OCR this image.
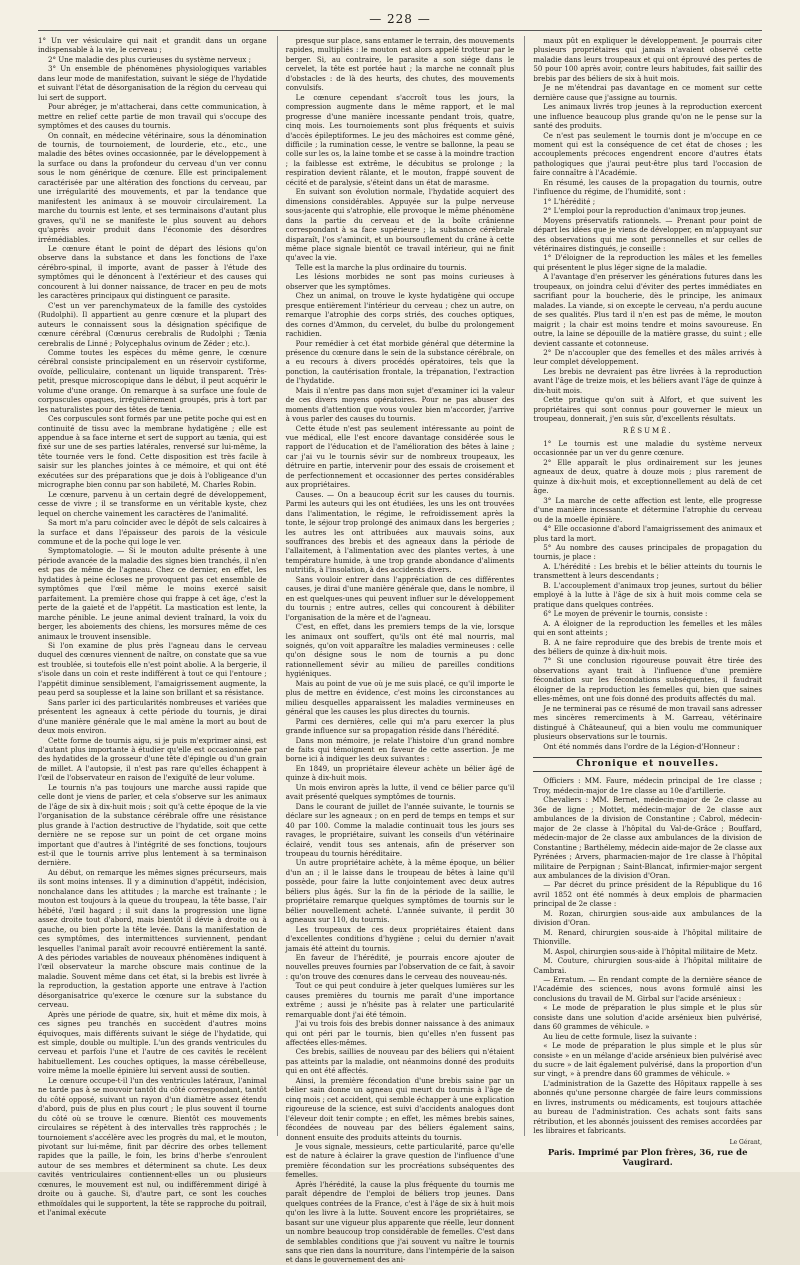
— 228 —

1° Un ver vésiculaire qui nait et grandit dans un organe indispensable à la vie, le cerveau ;

2° Une maladie des plus curieuses du système nerveux ;

3° Un ensemble de phénomènes physiologiques variables dans leur mode de manifestation, suivant le siége de l'hydatide et suivant l'état de désorganisation de la région du cerveau qui lui sert de support.

Pour abréger, je m'attacherai, dans cette communication, à mettre en relief cette partie de mon travail qui s'occupe des symptômes et des causes du tournis.

On connaît, en médecine vétérinaire, sous la dénomination de tournis, de tournoiement, de lourderie, etc., etc., une maladie des bêtes ovines occasionnée, par le développement à la surface ou dans la profondeur du cerveau d'un ver connu sous le nom générique de cœnure. Elle est principalement caractérisée par une altération des fonctions du cerveau, par une irrégularité des mouvements, et par la tendance que manifestent les animaux à se mouvoir circulairement. La marche du tournis est lente, et ses terminaisons d'autant plus graves, qu'il ne se manifeste le plus souvent au dehors qu'après avoir produit dans l'économie des désordres irrémédiables.

Le cœnure étant le point de départ des lésions qu'on observe dans la substance et dans les fonctions de l'axe cérébro-spinal, il importe, avant de passer à l'étude des symptômes qui le dénoncent à l'extérieur et des causes qui concourent à lui donner naissance, de tracer en peu de mots les caractères principaux qui distinguent ce parasite.

C'est un ver parenchymateux de la famille des cystoïdes (Rudolphi). Il appartient au genre cœnure et la plupart des auteurs le connaissent sous la désignation spécifique de cœnure cérébral (Cœnurus cerebralis de Rudolphi ; Tænia cerebralis de Linné ; Polycephalus ovinum de Zéder ; etc.).

Comme toutes les espèces du même genre, le cœnure cérébral consiste principalement en un réservoir cystiforme, ovoïde, pelliculaire, contenant un liquide transparent. Très-petit, presque microscopique dans le début, il peut acquérir le volume d'une orange. On remarque à sa surface une foule de corpuscules opaques, irrégulièrement groupés, pris à tort par les naturalistes pour des têtes de tænia.

Ces corpuscules sont formés par une petite poche qui est en continuité de tissu avec la membrane hydatigène ; elle est appendue à sa face interne et sert de support au tænia, qui est fixé sur une de ses parties latérales, renversé sur lui-même, la tête tournée vers le fond. Cette disposition est très facile à saisir sur les planches jointes à ce mémoire, et qui ont été exécutées sur des préparations que je dois à l'obligeance d'un micrographe bien connu par son habileté, M. Charles Robin.

Le cœnure, parvenu à un certain degré de développement, cesse de vivre ; il se transforme en un véritable kyste, chez lequel on cherche vainement les caractères de l'animalité.

Sa mort m'a paru coïncider avec le dépôt de sels calcaires à la surface et dans l'épaisseur des parois de la vésicule commune et de la poche qui loge le ver.

Symptomatologie. — Si le mouton adulte présente à une période avancée de la maladie des signes bien tranchés, il n'en est pas de même de l'agneau. Chez ce dernier, en effet, les hydatides à peine écloses ne provoquent pas cet ensemble de symptômes que l'œil même le moins exercé saisit parfaitement. La première chose qui frappe à cet âge, c'est la perte de la gaieté et de l'appétit. La mastication est lente, la marche pénible. Le jeune animal devient traînard, la voix du berger, les aboiements des chiens, les morsures même de ces animaux le trouvent insensible.

Si l'on examine de plus près l'agneau dans le cerveau duquel des cœnures viennent de naître, on constate que sa vue est troublée, si toutefois elle n'est point abolie. A la bergerie, il s'isole dans un coin et reste indifférent à tout ce qui l'entoure ; l'appétit diminue sensiblement, l'amaigrissement augmente, la peau perd sa souplesse et la laine son brillant et sa résistance.

Sans parler ici des particularités nombreuses et variées que présentent les agneaux à cette période du tournis, je dirai d'une manière générale que le mal amène la mort au bout de deux mois environ.

Cette forme de tournis aigu, si je puis m'exprimer ainsi, est d'autant plus importante à étudier qu'elle est occasionnée par des hydatides de la grosseur d'une tête d'épingle ou d'un grain de millet. A l'autopsie, il n'est pas rare qu'elles échappent à l'œil de l'observateur en raison de l'exiguïté de leur volume.

Le tournis n'a pas toujours une marche aussi rapide que celle dont je viens de parler, et cela s'observe sur les animaux de l'âge de six à dix-huit mois ; soit qu'à cette époque de la vie l'organisation de la substance cérébrale offre une résistance plus grande à l'action destructive de l'hydatide, soit que cette dernière ne se repose sur un point de cet organe moins important que d'autres à l'intégrité de ses fonctions, toujours est-il que le tournis arrive plus lentement à sa terminaison dernière.

Au début, on remarque les mêmes signes précurseurs, mais ils sont moins intenses. Il y a diminution d'appétit, indécision, nonchalance dans les attitudes ; la marche est traînante ; le mouton est toujours à la queue du troupeau, la tête basse, l'air hébété, l'œil hagard ; il suit dans la progression une ligne assez droite tout d'abord, mais bientôt il dévie à droite ou à gauche, ou bien porte la tête levée. Dans la manifestation de ces symptômes, des intermittences surviennent, pendant lesquelles l'animal paraît avoir recouvré entièrement la santé. A des périodes variables de nouveaux phénomènes indiquent à l'œil observateur la marche obscure mais continue de la maladie. Souvent même dans cet état, si la brebis est livrée à la reproduction, la gestation apporte une entrave à l'action désorganisatrice qu'exerce le cœnure sur la substance du cerveau.

Après une période de quatre, six, huit et même dix mois, à ces signes peu tranchés en succèdent d'autres moins équivoques, mais différents suivant le siége de l'hydatide, qui est simple, double ou multiple. L'un des grands ventricules du cerveau et parfois l'une et l'autre de ces cavités le recèlent habituellement. Les couches optiques, la masse cérébelleuse, voire même la moelle épinière lui servent aussi de soutien.

Le cœnure occupe-t-il l'un des ventricules latéraux, l'animal ne tarde pas à se mouvoir tantôt du côté correspondant, tantôt du côté opposé, suivant un rayon d'un diamètre assez étendu d'abord, puis de plus en plus court ; le plus souvent il tourne du côté où se trouve le cœnure. Bientôt ces mouvements circulaires se répètent à des intervalles très rapprochés ; le tournoiement s'accélère avec les progrès du mal, et le mouton, pivotant sur lui-même, finit par décrire des orbes tellement rapides que la paille, le foin, les brins d'herbe s'enroulent autour de ses membres et déterminent sa chute. Les deux cavités ventriculaires contiennent-elles un ou plusieurs cœnures, le mouvement est nul, ou indifféremment dirigé à droite ou à gauche. Si, d'autre part, ce sont les couches ethmoïdales qui le supportent, la tête se rapproche du poitrail, et l'animal exécute

presque sur place, sans entamer le terrain, des mouvements rapides, multipliés : le mouton est alors appelé trotteur par le berger. Si, au contraire, le parasite a son siége dans le cervelet, la tête est portée haut ; la marche ne connaît plus d'obstacles : de là des heurts, des chutes, des mouvements convulsifs.

Le cœnure cependant s'accroît tous les jours, la compression augmente dans le même rapport, et le mal progresse d'une manière incessante pendant trois, quatre, cinq mois. Les tournoiements sont plus fréquents et suivis d'accès épileptiformes. Le jeu des mâchoires est comme gêné, difficile ; la rumination cesse, le ventre se ballonne, la peau se colle sur les os, la laine tombe et se casse à la moindre traction ; la faiblesse est extrême, le décubitus se prolonge ; la respiration devient râlante, et le mouton, frappé souvent de cécité et de paralysie, s'éteint dans un état de marasme.

En suivant son évolution normale, l'hydatide acquiert des dimensions considérables. Appuyée sur la pulpe nerveuse sous-jacente qui s'atrophie, elle provoque le même phénomène dans la partie du cerveau et de la boîte crânienne correspondant à sa face supérieure ; la substance cérébrale disparaît, l'os s'amincit, et un boursouflement du crâne à cette même place signale bientôt ce travail intérieur, qui ne finit qu'avec la vie.

Telle est la marche la plus ordinaire du tournis.

Les lésions morbides ne sont pas moins curieuses à observer que les symptômes.

Chez un animal, on trouve le kyste hydatigène qui occupe presque entièrement l'intérieur du cerveau ; chez un autre, on remarque l'atrophie des corps striés, des couches optiques, des cornes d'Ammon, du cervelet, du bulbe du prolongement rachidien.

Pour remédier à cet état morbide général que détermine la présence du cœnure dans le sein de la substance cérébrale, on a eu recours à divers procédés opératoires, tels que la ponction, la cautérisation frontale, la trépanation, l'extraction de l'hydatide.

Mais il n'entre pas dans mon sujet d'examiner ici la valeur de ces divers moyens opératoires. Pour ne pas abuser des moments d'attention que vous voulez bien m'accorder, j'arrive à vous parler des causes du tournis.

Cette étude n'est pas seulement intéressante au point de vue médical, elle l'est encore davantage considérée sous le rapport de l'éducation et de l'amélioration des bêtes à laine ; car j'ai vu le tournis sévir sur de nombreux troupeaux, les détruire en partie, intervenir pour des essais de croisement et de perfectionnement et occasionner des pertes considérables aux propriétaires.

Causes. — On a beaucoup écrit sur les causes du tournis. Parmi les auteurs qui les ont étudiées, les uns les ont trouvées dans l'alimentation, le régime, le refroidissement après la tonte, le séjour trop prolongé des animaux dans les bergeries ; les autres les ont attribuées aux mauvais soins, aux souffrances des brebis et des agneaux dans la période de l'allaitement, à l'alimentation avec des plantes vertes, à une température humide, à une trop grande abondance d'aliments nutritifs, à l'insolation, à des accidents divers.

Sans vouloir entrer dans l'appréciation de ces différentes causes, je dirai d'une manière générale que, dans le nombre, il en est quelques-unes qui peuvent influer sur le développement du tournis ; entre autres, celles qui concourent à débiliter l'organisation de la mère et de l'agneau.

C'est, en effet, dans les premiers temps de la vie, lorsque les animaux ont souffert, qu'ils ont été mal nourris, mal soignés, qu'on voit apparaître les maladies vermineuses : celle qu'on désigne sous le nom de tournis a pu donc rationnellement sévir au milieu de pareilles conditions hygiéniques.

Mais au point de vue où je me suis placé, ce qu'il importe le plus de mettre en évidence, c'est moins les circonstances au milieu desquelles apparaissent les maladies vermineuses en général que les causes les plus directes du tournis.

Parmi ces dernières, celle qui m'a paru exercer la plus grande influence sur sa propagation réside dans l'hérédité.

Dans mon mémoire, je relate l'histoire d'un grand nombre de faits qui témoignent en faveur de cette assertion. Je me borne ici à indiquer les deux suivantes :

En 1849, un propriétaire éleveur achète un bélier âgé de quinze à dix-huit mois.

Un mois environ après la lutte, il vend ce bélier parce qu'il avait présenté quelques symptômes de tournis.

Dans le courant de juillet de l'année suivante, le tournis se déclare sur les agneaux ; on en perd de temps en temps et sur 40 par 100. Comme la maladie continuait tous les jours ses ravages, le propriétaire, suivant les conseils d'un vétérinaire éclairé, vendit tous ses antenais, afin de préserver son troupeau du tournis héréditaire.

Un autre propriétaire achète, à la même époque, un bélier d'un an ; il le laisse dans le troupeau de bêtes à laine qu'il possède, pour faire la lutte conjointement avec deux autres béliers plus âgés. Sur la fin de la période de la saillie, le propriétaire remarque quelques symptômes de tournis sur le bélier nouvellement acheté. L'année suivante, il perdit 30 agneaux sur 110, du tournis.

Les troupeaux de ces deux propriétaires étaient dans d'excellentes conditions d'hygiène ; celui du dernier n'avait jamais été atteint du tournis.

En faveur de l'hérédité, je pourrais encore ajouter de nouvelles preuves fournies par l'observation de ce fait, à savoir : qu'on trouve des cœnures dans le cerveau des nouveau-nés.

Tout ce qui peut conduire à jeter quelques lumières sur les causes premières du tournis me paraît d'une importance extrême ; aussi je n'hésite pas à relater une particularité remarquable dont j'ai été témoin.

J'ai vu trois fois des brebis donner naissance à des animaux qui ont péri par le tournis, bien qu'elles n'en fussent pas affectées elles-mêmes.

Ces brebis, saillies de nouveau par des béliers qui n'étaient pas atteints par la maladie, ont néanmoins donné des produits qui en ont été affectés.

Ainsi, la première fécondation d'une brebis saine par un bélier sain donne un agneau qui meurt du tournis à l'âge de cinq mois ; cet accident, qui semble échapper à une explication rigoureuse de la science, est suivi d'accidents analogues dont l'éleveur doit tenir compte ; en effet, les mêmes brebis saines, fécondées de nouveau par des béliers également sains, donnent ensuite des produits atteints du tournis.

Je vous signale, messieurs, cette particularité, parce qu'elle est de nature à éclairer la grave question de l'influence d'une première fécondation sur les procréations subséquentes des femelles.

Après l'hérédité, la cause la plus fréquente du tournis me paraît dépendre de l'emploi de béliers trop jeunes. Dans quelques contrées de la France, c'est à l'âge de six à huit mois qu'on les livre à la lutte. Souvent encore les propriétaires, se basant sur une vigueur plus apparente que réelle, leur donnent un nombre beaucoup trop considérable de femelles. C'est dans de semblables conditions que j'ai souvent vu naître le tournis sans que rien dans la nourriture, dans l'intempérie de la saison et dans le gouvernement des ani-

maux pût en expliquer le développement. Je pourrais citer plusieurs propriétaires qui jamais n'avaient observé cette maladie dans leurs troupeaux et qui ont éprouvé des pertes de 50 pour 100 après avoir, contre leurs habitudes, fait saillir des brebis par des béliers de six à huit mois.

Je ne m'étendrai pas davantage en ce moment sur cette dernière cause que j'assigne au tournis.

Les animaux livrés trop jeunes à la reproduction exercent une influence beaucoup plus grande qu'on ne le pense sur la santé des produits.

Ce n'est pas seulement le tournis dont je m'occupe en ce moment qui est la conséquence de cet état de choses ; les accouplements précoces engendrent encore d'autres états pathologiques que j'aurai peut-être plus tard l'occasion de faire connaître à l'Académie.

En résumé, les causes de la propagation du tournis, outre l'influence du régime, de l'humidité, sont :

1° L'hérédité ;

2° L'emploi pour la reproduction d'animaux trop jeunes.

Moyens préservatifs rationnels. — Prenant pour point de départ les idées que je viens de développer, en m'appuyant sur des observations qui me sont personnelles et sur celles de vétérinaires distingués, je conseille :

1° D'éloigner de la reproduction les mâles et les femelles qui présentent le plus léger signe de la maladie.

A l'avantage d'en préserver les générations futures dans les troupeaux, on joindra celui d'éviter des pertes immédiates en sacrifiant pour la boucherie, dès le principe, les animaux malades. La viande, si on excepte le cerveau, n'a perdu aucune de ses qualités. Plus tard il n'en est pas de même, le mouton maigrit ; la chair est moins tendre et moins savoureuse. En outre, la laine se dépouille de la matière grasse, du suint ; elle devient cassante et cotonneuse.

2° De n'accoupler que des femelles et des mâles arrivés à leur complet développement.

Les brebis ne devraient pas être livrées à la reproduction avant l'âge de treize mois, et les béliers avant l'âge de quinze à dix-huit mois.

Cette pratique qu'on suit à Alfort, et que suivent les propriétaires qui sont connus pour gouverner le mieux un troupeau, donnerait, j'en suis sûr, d'excellents résultats.

RÉSUMÉ.

1° Le tournis est une maladie du système nerveux occasionnée par un ver du genre cœnure.

2° Elle apparaît le plus ordinairement sur les jeunes agneaux de deux, quatre à douze mois ; plus rarement de quinze à dix-huit mois, et exceptionnellement au delà de cet âge.

3° La marche de cette affection est lente, elle progresse d'une manière incessante et détermine l'atrophie du cerveau ou de la moelle épinière.

4° Elle occasionne d'abord l'amaigrissement des animaux et plus tard la mort.

5° Au nombre des causes principales de propagation du tournis, je place :

A. L'hérédité : Les brebis et le bélier atteints du tournis le transmettent à leurs descendants ;

B. L'accouplement d'animaux trop jeunes, surtout du bélier employé à la lutte à l'âge de six à huit mois comme cela se pratique dans quelques contrées.

6° Le moyen de prévenir le tournis, consiste :

A. A éloigner de la reproduction les femelles et les mâles qui en sont atteints ;

B. A ne faire reproduire que des brebis de trente mois et des béliers de quinze à dix-huit mois.

7° Si une conclusion rigoureuse pouvait être tirée des observations ayant trait à l'influence d'une première fécondation sur les fécondations subséquentes, il faudrait éloigner de la reproduction les femelles qui, bien que saines elles-mêmes, ont une fois donné des produits affectés du mal.

Je ne terminerai pas ce résumé de mon travail sans adresser mes sincères remerciments à M. Garreau, vétérinaire distingué à Châteauneuf, qui a bien voulu me communiquer plusieurs observations sur le tournis.

Ont été nommés dans l'ordre de la Légion-d'Honneur :

Chronique et nouvelles.

Officiers : MM. Faure, médecin principal de 1re classe ; Troy, médecin-major de 1re classe au 10e d'artillerie.

Chevaliers : MM. Bernet, médecin-major de 2e classe au 36e de ligne ; Mottet, médecin-major de 2e classe aux ambulances de la division de Constantine ; Cabrol, médecin-major de 2e classe à l'hôpital du Val-de-Grâce ; Bouffard, médecin-major de 2e classe aux ambulances de la division de Constantine ; Barthélemy, médecin aide-major de 2e classe aux Pyrénées ; Arvers, pharmacien-major de 1re classe à l'hôpital militaire de Perpignan ; Saint-Blancat, infirmier-major sergent aux ambulances de la division d'Oran.

— Par décret du prince président de la République du 16 avril 1852 ont été nommés à deux emplois de pharmacien principal de 2e classe :

M. Rozan, chirurgien sous-aide aux ambulances de la division d'Oran.

M. Renard, chirurgien sous-aide à l'hôpital militaire de Thionville.

M. Aspol, chirurgien sous-aide à l'hôpital militaire de Metz.

M. Couture, chirurgien sous-aide à l'hôpital militaire de Cambrai.

— Erratum. — En rendant compte de la dernière séance de l'Académie des sciences, nous avons formulé ainsi les conclusions du travail de M. Girbal sur l'acide arsénieux :

« Le mode de préparation le plus simple et le plus sûr consiste dans une solution d'acide arsénieux bien pulvérisé, dans 60 grammes de véhicule. »

Au lieu de cette formule, lisez la suivante :

« Le mode de préparation le plus simple et le plus sûr consiste » en un mélange d'acide arsénieux bien pulvérisé avec du sucre » de lait également pulvérisé, dans la proportion d'un sur vingt, » à prendre dans 60 grammes de véhicule. »

L'administration de la Gazette des Hôpitaux rappelle à ses abonnés qu'une personne chargée de faire leurs commissions en livres, instruments ou médicaments, est toujours attachée au bureau de l'administration. Ces achats sont faits sans rétribution, et les abonnés jouissent des remises accordées par les libraires et fabricants.

Le Gérant,
Paris. Imprimé par Plon frères, 36, rue de Vaugirard.
